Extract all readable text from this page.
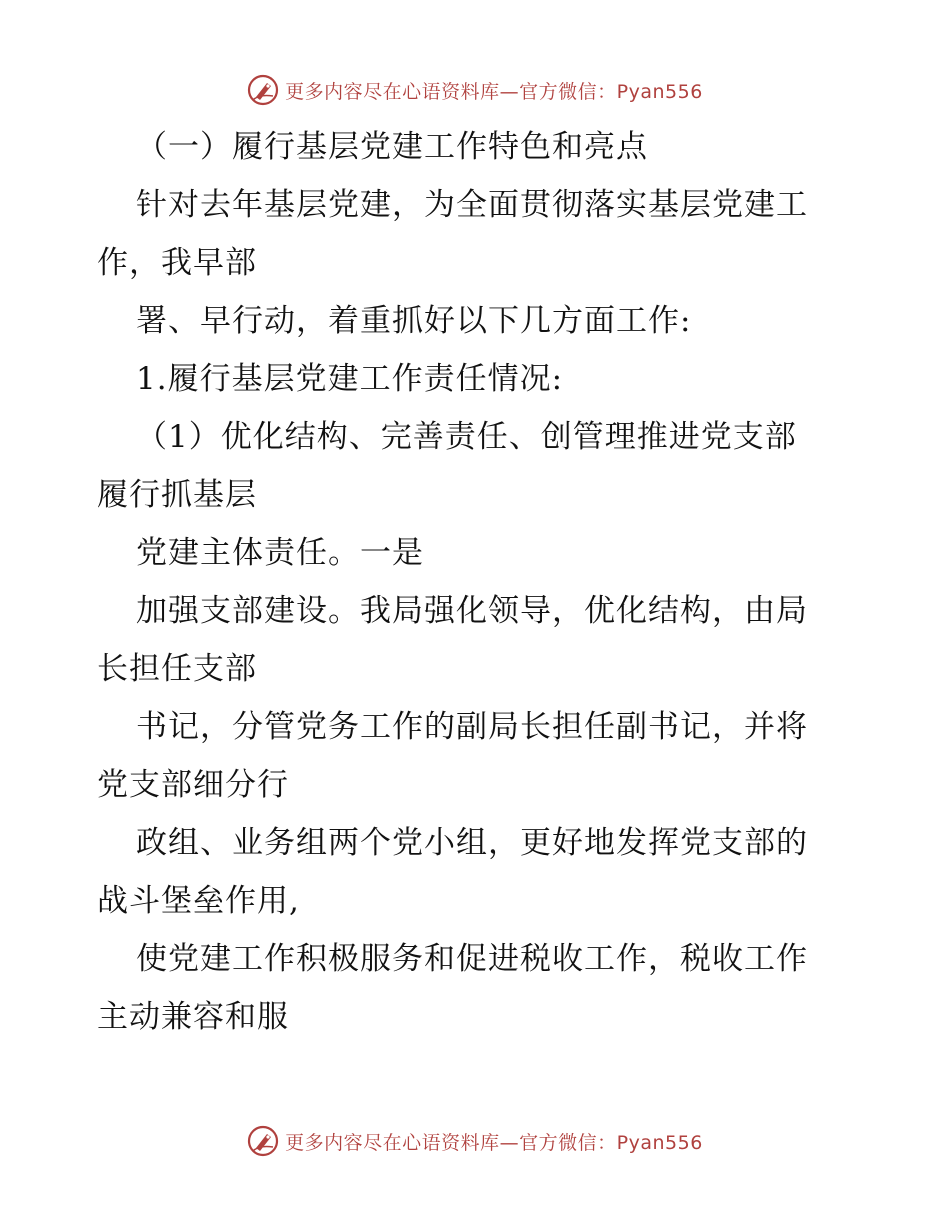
更多内容尽在心语资料库—官方微信：Pyan556
（一）履行基层党建工作特色和亮点
针对去年基层党建，为全面贯彻落实基层党建工
作，我早部
署、早行动，着重抓好以下几方面工作:
1.履行基层党建工作责任情况:
（1）优化结构、完善责任、创管理推进党支部
履行抓基层
党建主体责任。一是
加强支部建设。我局强化领导，优化结构，由局
长担任支部
书记，分管党务工作的副局长担任副书记，并将
党支部细分行
政组、业务组两个党小组，更好地发挥党支部的
战斗堡垒作用,
使党建工作积极服务和促进税收工作，税收工作
主动兼容和服
更多内容尽在心语资料库—官方微信：Pyan556
